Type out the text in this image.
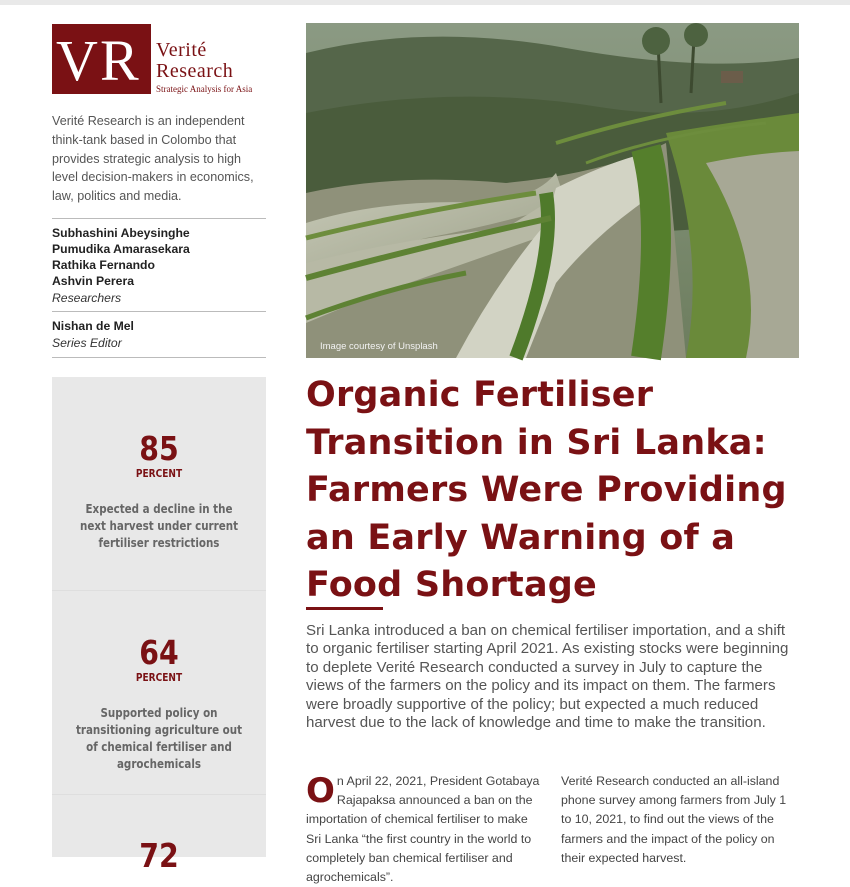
V R Verité
Research
Strategic Analysis for Asia

Verité Research is an independent think-tank based in Colombo that provides strategic analysis to high level decision-makers in economics, law, politics and media.

Subhashini Abeysinghe
Pumudika Amarasekara
Rathika Fernando
Ashvin Perera
Researchers
Nishan de Mel
Series Editor
85
PERCENT
Expected a decline in the next harvest under current fertiliser restrictions
64
PERCENT
Supported policy on transitioning agriculture out of chemical fertiliser and agrochemicals
72
Image courtesy of Unsplash
Organic Fertiliser Transition in Sri Lanka: Farmers Were Providing an Early Warning of a Food Shortage

Sri Lanka introduced a ban on chemical fertiliser importation, and a shift to organic fertiliser starting April 2021. As existing stocks were beginning to deplete Verité Research conducted a survey in July to capture the views of the farmers on the policy and its impact on them. The farmers were broadly supportive of the policy; but expected a much reduced harvest due to the lack of knowledge and time to make the transition.

O n April 22, 2021, President Gotabaya Rajapaksa announced a ban on the importation of chemical fertiliser to make Sri Lanka “the first country in the world to completely ban chemical fertiliser and agrochemicals”.
Verité Research conducted an all-island phone survey among farmers from July 1 to 10, 2021, to find out the views of the farmers and the impact of the policy on their expected harvest.
